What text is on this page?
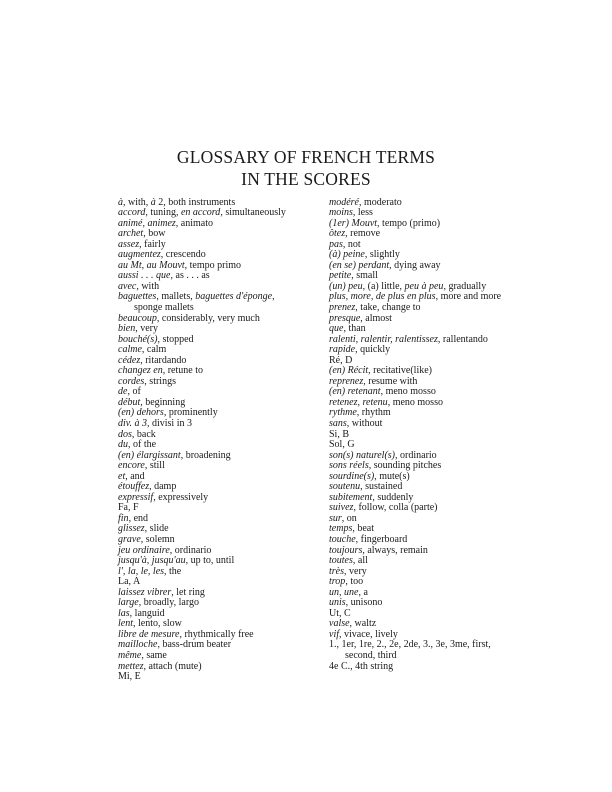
GLOSSARY OF FRENCH TERMS
IN THE SCORES
à, with, à 2, both instruments
accord, tuning, en accord, simultaneously
animé, animez, animato
archet, bow
assez, fairly
augmentez, crescendo
au Mt, au Mouvt, tempo primo
aussi . . . que, as . . . as
avec, with
baguettes, mallets, baguettes d'éponge,
sponge mallets
beaucoup, considerably, very much
bien, very
bouché(s), stopped
calme, calm
cédez, ritardando
changez en, retune to
cordes, strings
de, of
début, beginning
(en) dehors, prominently
div. à 3, divisi in 3
dos, back
du, of the
(en) élargissant, broadening
encore, still
et, and
étouffez, damp
expressif, expressively
Fa, F
fin, end
glissez, slide
grave, solemn
jeu ordinaire, ordinario
jusqu'à, jusqu'au, up to, until
l', la, le, les, the
La, A
laissez vibrer, let ring
large, broadly, largo
las, languid
lent, lento, slow
libre de mesure, rhythmically free
mailloche, bass-drum beater
même, same
mettez, attach (mute)
Mi, E
modéré, moderato
moins, less
(1er) Mouvt, tempo (primo)
ôtez, remove
pas, not
(à) peine, slightly
(en se) perdant, dying away
petite, small
(un) peu, (a) little, peu à peu, gradually
plus, more, de plus en plus, more and more
prenez, take, change to
presque, almost
que, than
ralenti, ralentir, ralentissez, rallentando
rapide, quickly
Ré, D
(en) Récit, recitative(like)
reprenez, resume with
(en) retenant, meno mosso
retenez, retenu, meno mosso
rythme, rhythm
sans, without
Si, B
Sol, G
son(s) naturel(s), ordinario
sons réels, sounding pitches
sourdine(s), mute(s)
soutenu, sustained
subitement, suddenly
suivez, follow, colla (parte)
sur, on
temps, beat
touche, fingerboard
toujours, always, remain
toutes, all
très, very
trop, too
un, une, a
unis, unisono
Ut, C
valse, waltz
vif, vivace, lively
1., 1er, 1re, 2., 2e, 2de, 3., 3e, 3me, first,
second, third
4e C., 4th string
